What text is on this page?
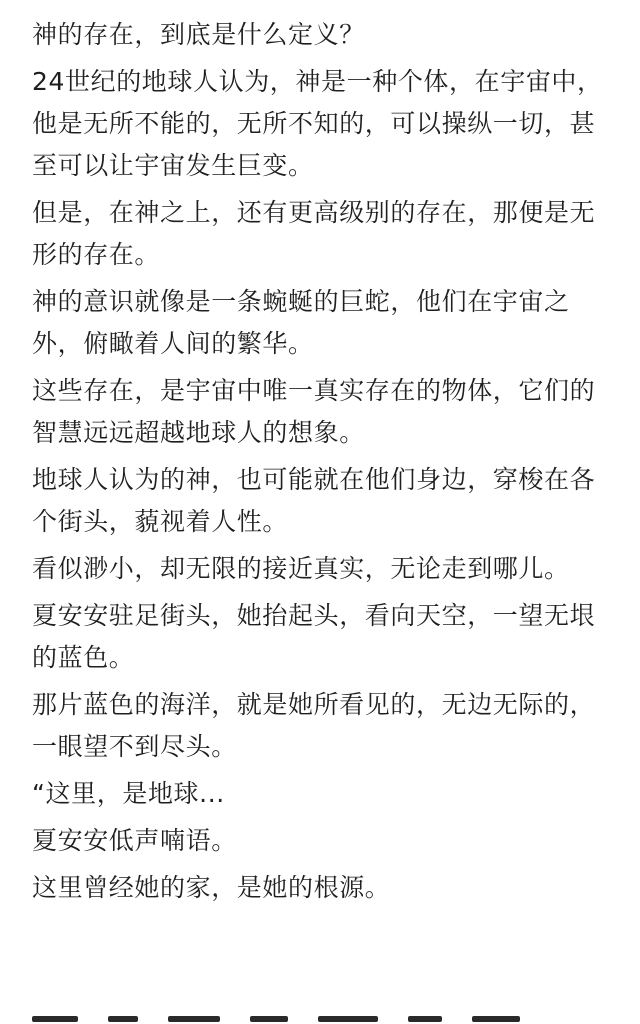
神的存在，到底是什么定义？

24世纪的地球人认为，神是一种个体，在宇宙中，他是无所不能的，无所不知的，可以操纵一切，甚至可以让宇宙发生巨变。

但是，在神之上，还有更高级别的存在，那便是无形的存在。

神的意识就像是一条蜿蜒的巨蛇，他们在宇宙之外，俯瞰着人间的繁华。

这些存在，是宇宙中唯一真实存在的物体，它们的智慧远远超越地球人的想象。

地球人认为的神，也可能就在他们身边，穿梭在各个街头，藐视着人性。

看似渺小，却无限的接近真实，无论走到哪儿。

夏安安驻足街头，她抬起头，看向天空，一望无垠的蓝色。

那片蓝色的海洋，就是她所看见的，无边无际的，一眼望不到尽头。

“这里，是地球...

夏安安低声喃语。

这里曾经她的家，是她的根源。
